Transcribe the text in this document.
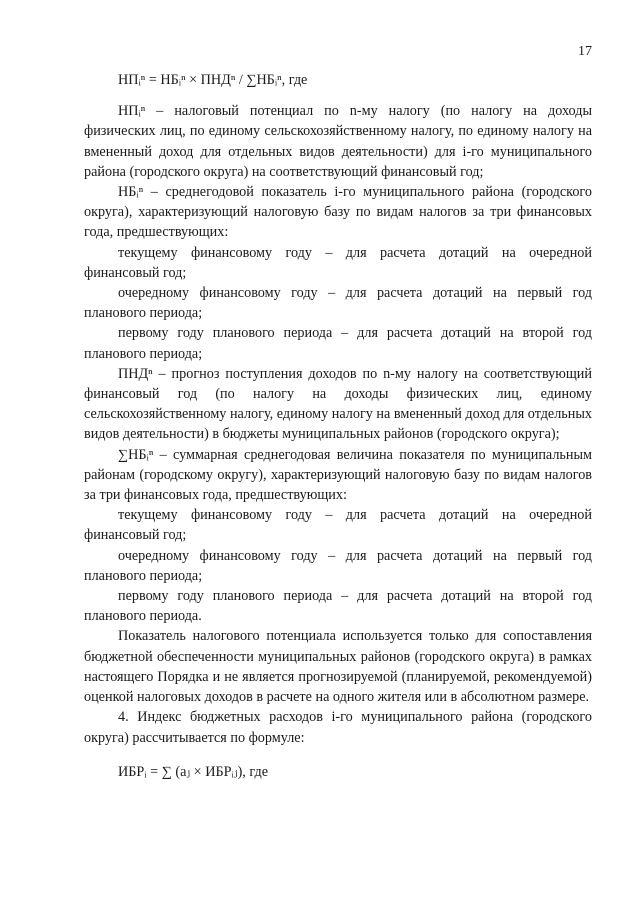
17
НПᵢⁿ = НБᵢⁿ × ПНДⁿ / ∑НБᵢⁿ, где

НПᵢⁿ – налоговый потенциал по n-му налогу (по налогу на доходы физических лиц, по единому сельскохозяйственному налогу, по единому налогу на вмененный доход для отдельных видов деятельности) для i-го муниципального района (городского округа) на соответствующий финансовый год;

НБᵢⁿ – среднегодовой показатель i-го муниципального района (городского округа), характеризующий налоговую базу по видам налогов за три финансовых года, предшествующих:

текущему финансовому году – для расчета дотаций на очередной финансовый год;

очередному финансовому году – для расчета дотаций на первый год планового периода;

первому году планового периода – для расчета дотаций на второй год планового периода;

ПНДⁿ – прогноз поступления доходов по n-му налогу на соответствующий финансовый год (по налогу на доходы физических лиц, единому сельскохозяйственному налогу, единому налогу на вмененный доход для отдельных видов деятельности) в бюджеты муниципальных районов (городского округа);

∑НБᵢⁿ – суммарная среднегодовая величина показателя по муниципальным районам (городскому округу), характеризующий налоговую базу по видам налогов за три финансовых года, предшествующих:

текущему финансовому году – для расчета дотаций на очередной финансовый год;

очередному финансовому году – для расчета дотаций на первый год планового периода;

первому году планового периода – для расчета дотаций на второй год планового периода.

Показатель налогового потенциала используется только для сопоставления бюджетной обеспеченности муниципальных районов (городского округа) в рамках настоящего Порядка и не является прогнозируемой (планируемой, рекомендуемой) оценкой налоговых доходов в расчете на одного жителя или в абсолютном размере.

4. Индекс бюджетных расходов i-го муниципального района (городского округа) рассчитывается по формуле:

ИБРᵢ = ∑ (aⱼ × ИБРᵢⱼ), где
